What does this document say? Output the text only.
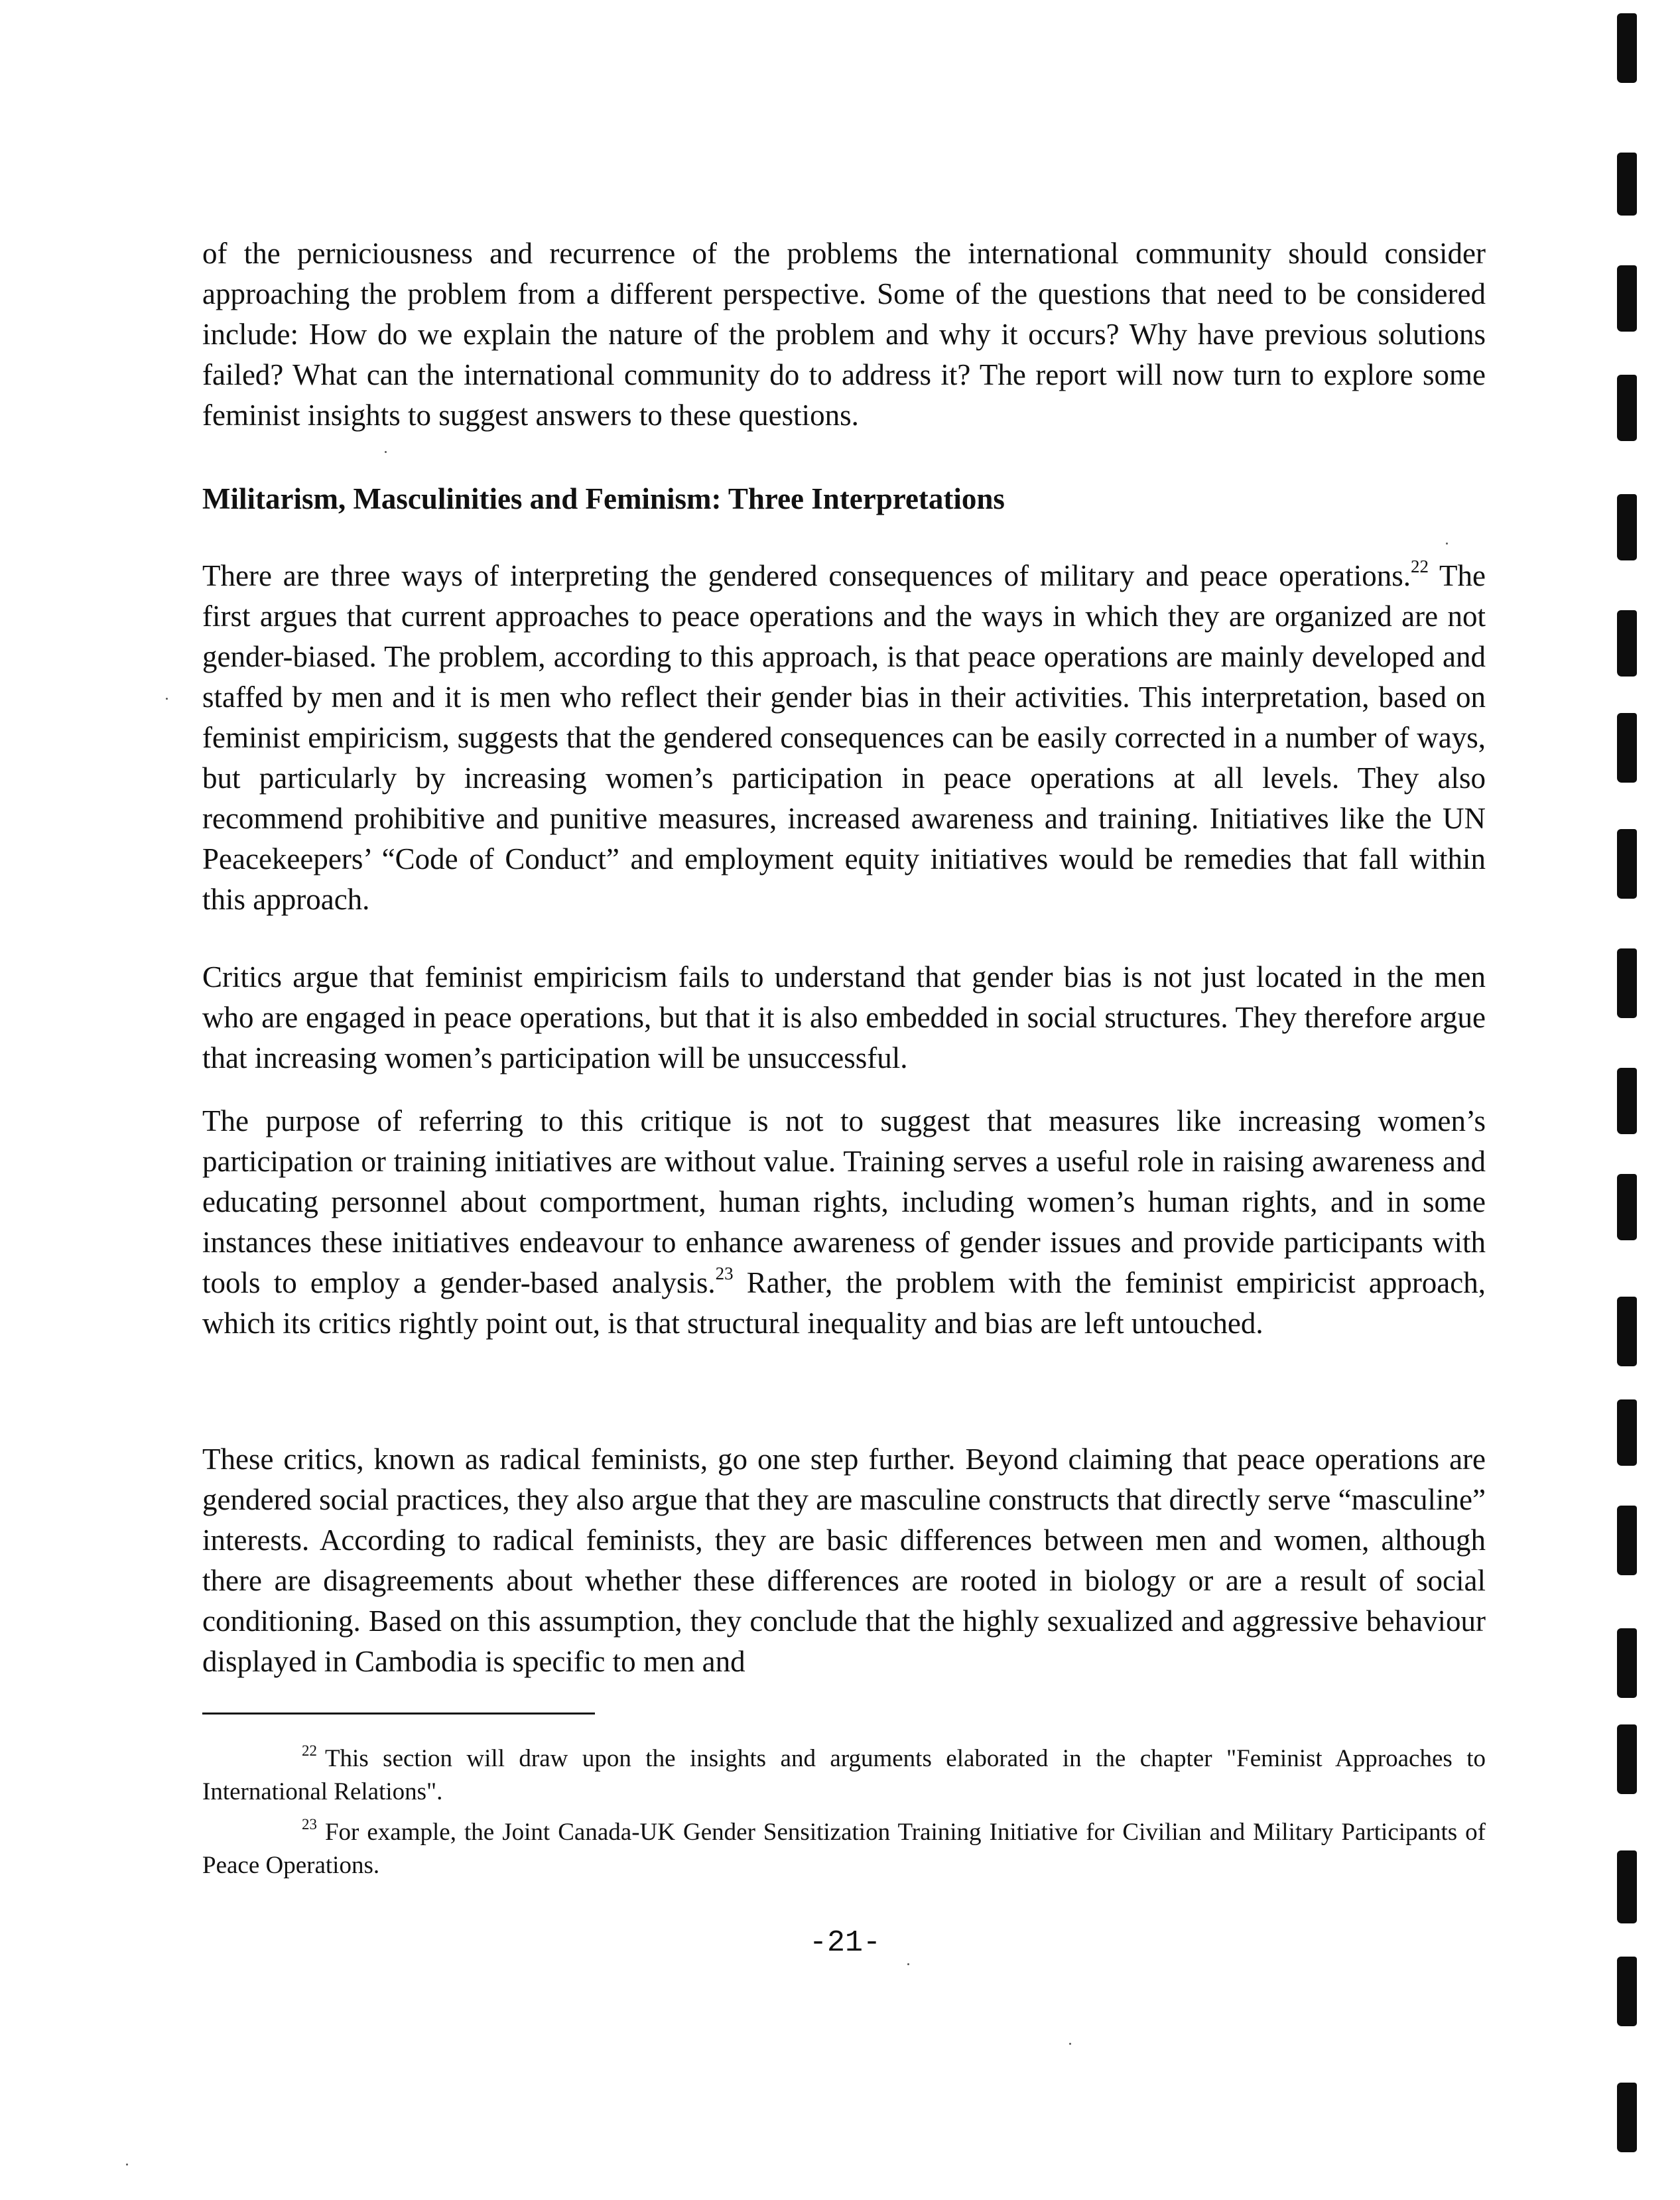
of the perniciousness and recurrence of the problems the international community should consider approaching the problem from a different perspective. Some of the questions that need to be considered include: How do we explain the nature of the problem and why it occurs? Why have previous solutions failed? What can the international community do to address it? The report will now turn to explore some feminist insights to suggest answers to these questions.

Militarism, Masculinities and Feminism: Three Interpretations

There are three ways of interpreting the gendered consequences of military and peace operations.$^{22}$ The first argues that current approaches to peace operations and the ways in which they are organized are not gender-biased. The problem, according to this approach, is that peace operations are mainly developed and staffed by men and it is men who reflect their gender bias in their activities. This interpretation, based on feminist empiricism, suggests that the gendered consequences can be easily corrected in a number of ways, but particularly by increasing women’s participation in peace operations at all levels. They also recommend prohibitive and punitive measures, increased awareness and training. Initiatives like the UN Peacekeepers’ “Code of Conduct” and employment equity initiatives would be remedies that fall within this approach.

Critics argue that feminist empiricism fails to understand that gender bias is not just located in the men who are engaged in peace operations, but that it is also embedded in social structures. They therefore argue that increasing women’s participation will be unsuccessful.

The purpose of referring to this critique is not to suggest that measures like increasing women’s participation or training initiatives are without value. Training serves a useful role in raising awareness and educating personnel about comportment, human rights, including women’s human rights, and in some instances these initiatives endeavour to enhance awareness of gender issues and provide participants with tools to employ a gender-based analysis.$^{23}$ Rather, the problem with the feminist empiricist approach, which its critics rightly point out, is that structural inequality and bias are left untouched.

These critics, known as radical feminists, go one step further. Beyond claiming that peace operations are gendered social practices, they also argue that they are masculine constructs that directly serve “masculine” interests. According to radical feminists, they are basic differences between men and women, although there are disagreements about whether these differences are rooted in biology or are a result of social conditioning. Based on this assumption, they conclude that the highly sexualized and aggressive behaviour displayed in Cambodia is specific to men and

$^{22}$ This section will draw upon the insights and arguments elaborated in the chapter "Feminist Approaches to International Relations".

$^{23}$ For example, the Joint Canada-UK Gender Sensitization Training Initiative for Civilian and Military Participants of Peace Operations.

-21-
